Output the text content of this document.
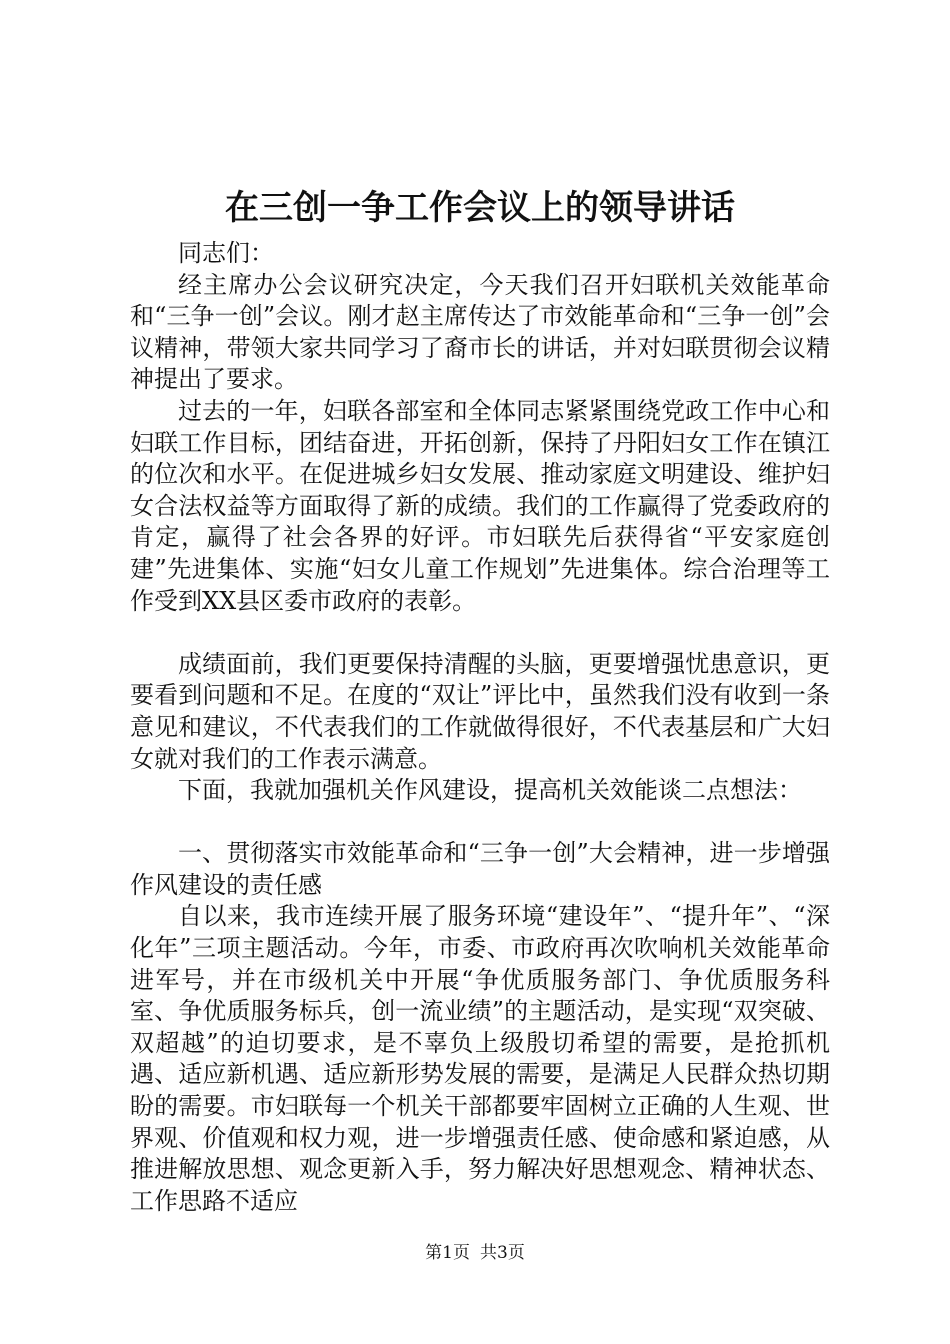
在三创一争工作会议上的领导讲话

同志们：

经主席办公会议研究决定，今天我们召开妇联机关效能革命和“三争一创”会议。刚才赵主席传达了市效能革命和“三争一创”会议精神，带领大家共同学习了裔市长的讲话，并对妇联贯彻会议精神提出了要求。

过去的一年，妇联各部室和全体同志紧紧围绕党政工作中心和妇联工作目标，团结奋进，开拓创新，保持了丹阳妇女工作在镇江的位次和水平。在促进城乡妇女发展、推动家庭文明建设、维护妇女合法权益等方面取得了新的成绩。我们的工作赢得了党委政府的肯定，赢得了社会各界的好评。市妇联先后获得省“平安家庭创建”先进集体、实施“妇女儿童工作规划”先进集体。综合治理等工作受到XX县区委市政府的表彰。

成绩面前，我们更要保持清醒的头脑，更要增强忧患意识，更要看到问题和不足。在度的“双让”评比中，虽然我们没有收到一条意见和建议，不代表我们的工作就做得很好，不代表基层和广大妇女就对我们的工作表示满意。

下面，我就加强机关作风建设，提高机关效能谈二点想法：

一、贯彻落实市效能革命和“三争一创”大会精神，进一步增强作风建设的责任感

自以来，我市连续开展了服务环境“建设年”、“提升年”、“深化年”三项主题活动。今年，市委、市政府再次吹响机关效能革命进军号，并在市级机关中开展“争优质服务部门、争优质服务科室、争优质服务标兵，创一流业绩”的主题活动，是实现“双突破、双超越”的迫切要求，是不辜负上级殷切希望的需要，是抢抓机遇、适应新机遇、适应新形势发展的需要，是满足人民群众热切期盼的需要。市妇联每一个机关干部都要牢固树立正确的人生观、世界观、价值观和权力观，进一步增强责任感、使命感和紧迫感，从推进解放思想、观念更新入手，努力解决好思想观念、精神状态、工作思路不适应

第1页 共3页
